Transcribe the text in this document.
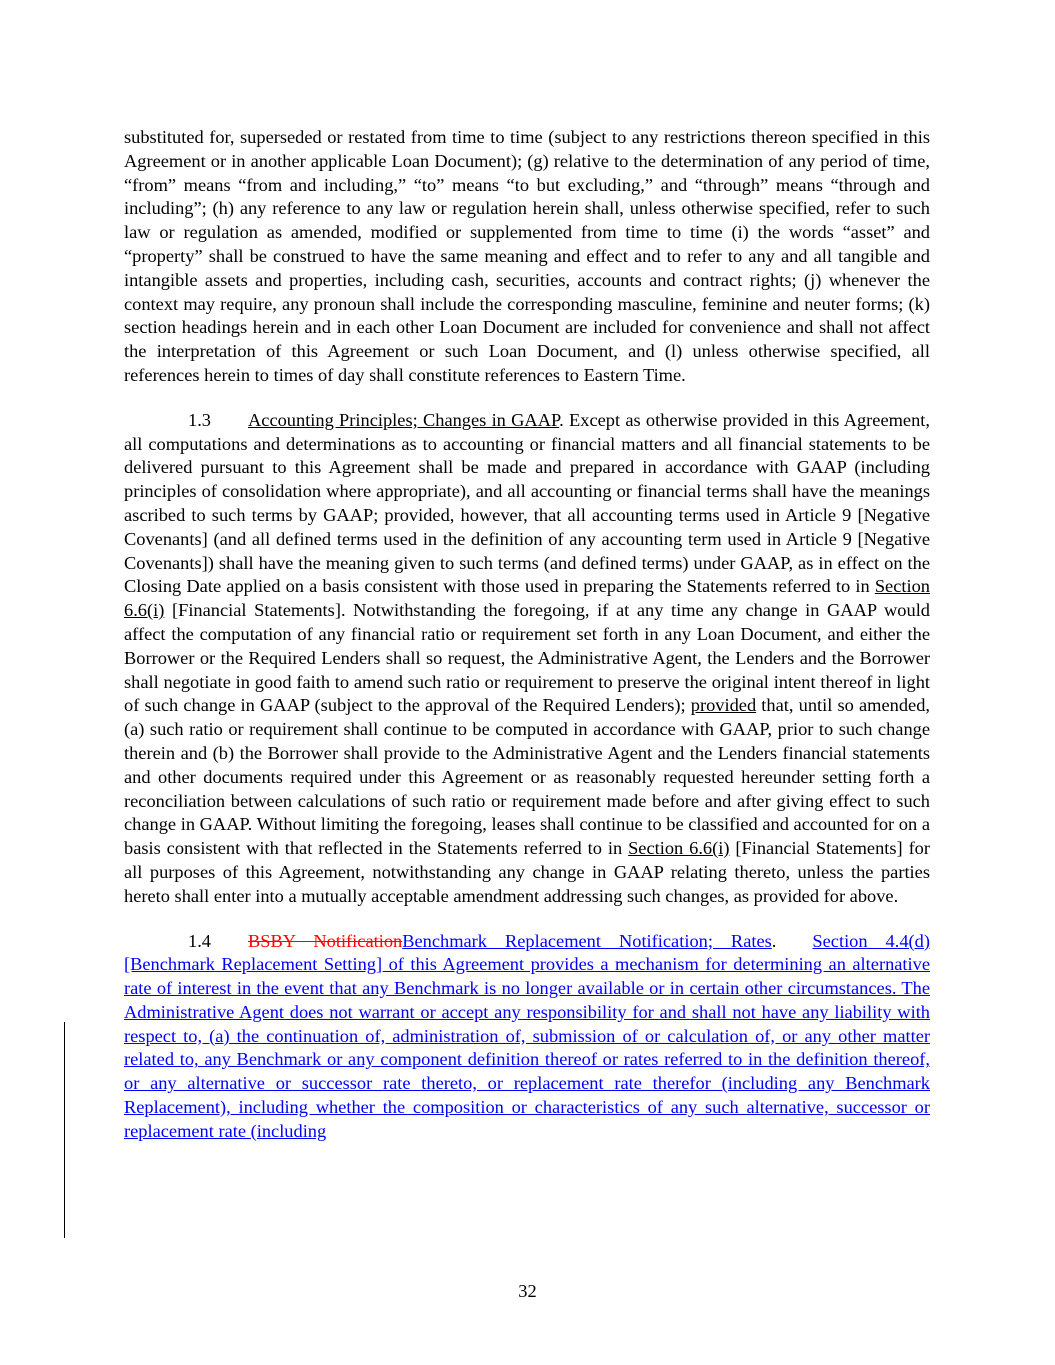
substituted for, superseded or restated from time to time (subject to any restrictions thereon specified in this Agreement or in another applicable Loan Document); (g) relative to the determination of any period of time, “from” means “from and including,” “to” means “to but excluding,” and “through” means “through and including”; (h) any reference to any law or regulation herein shall, unless otherwise specified, refer to such law or regulation as amended, modified or supplemented from time to time (i) the words “asset” and “property” shall be construed to have the same meaning and effect and to refer to any and all tangible and intangible assets and properties, including cash, securities, accounts and contract rights; (j) whenever the context may require, any pronoun shall include the corresponding masculine, feminine and neuter forms; (k) section headings herein and in each other Loan Document are included for convenience and shall not affect the interpretation of this Agreement or such Loan Document, and (l) unless otherwise specified, all references herein to times of day shall constitute references to Eastern Time.

1.3 Accounting Principles; Changes in GAAP. Except as otherwise provided in this Agreement, all computations and determinations as to accounting or financial matters and all financial statements to be delivered pursuant to this Agreement shall be made and prepared in accordance with GAAP (including principles of consolidation where appropriate), and all accounting or financial terms shall have the meanings ascribed to such terms by GAAP; provided, however, that all accounting terms used in Article 9 [Negative Covenants] (and all defined terms used in the definition of any accounting term used in Article 9 [Negative Covenants]) shall have the meaning given to such terms (and defined terms) under GAAP, as in effect on the Closing Date applied on a basis consistent with those used in preparing the Statements referred to in Section 6.6(i) [Financial Statements]. Notwithstanding the foregoing, if at any time any change in GAAP would affect the computation of any financial ratio or requirement set forth in any Loan Document, and either the Borrower or the Required Lenders shall so request, the Administrative Agent, the Lenders and the Borrower shall negotiate in good faith to amend such ratio or requirement to preserve the original intent thereof in light of such change in GAAP (subject to the approval of the Required Lenders); provided that, until so amended, (a) such ratio or requirement shall continue to be computed in accordance with GAAP, prior to such change therein and (b) the Borrower shall provide to the Administrative Agent and the Lenders financial statements and other documents required under this Agreement or as reasonably requested hereunder setting forth a reconciliation between calculations of such ratio or requirement made before and after giving effect to such change in GAAP. Without limiting the foregoing, leases shall continue to be classified and accounted for on a basis consistent with that reflected in the Statements referred to in Section 6.6(i) [Financial Statements] for all purposes of this Agreement, notwithstanding any change in GAAP relating thereto, unless the parties hereto shall enter into a mutually acceptable amendment addressing such changes, as provided for above.

1.4 BSBY NotificationBenchmark Replacement Notification; Rates. Section 4.4(d) [Benchmark Replacement Setting] of this Agreement provides a mechanism for determining an alternative rate of interest in the event that any Benchmark is no longer available or in certain other circumstances. The Administrative Agent does not warrant or accept any responsibility for and shall not have any liability with respect to, (a) the continuation of, administration of, submission of or calculation of, or any other matter related to, any Benchmark or any component definition thereof or rates referred to in the definition thereof, or any alternative or successor rate thereto, or replacement rate therefor (including any Benchmark Replacement), including whether the composition or characteristics of any such alternative, successor or replacement rate (including

32
